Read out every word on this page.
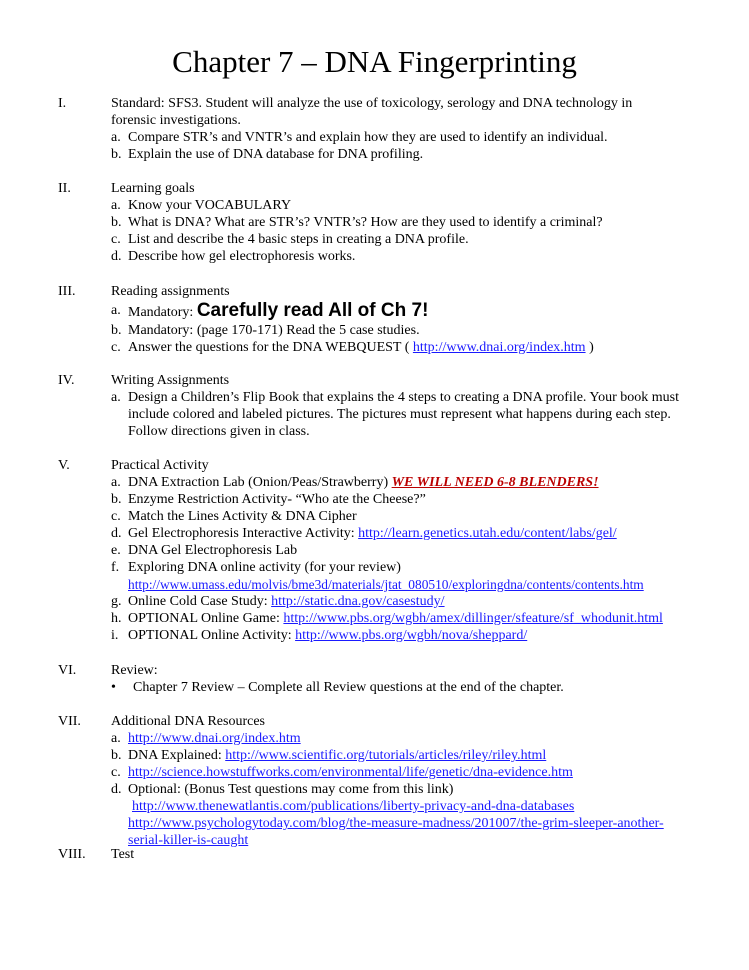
Chapter 7 – DNA Fingerprinting
I.	Standard: SFS3. Student will analyze the use of toxicology, serology and DNA technology in
forensic investigations.
a. Compare STR’s and VNTR’s and explain how they are used to identify an individual.
b. Explain the use of DNA database for DNA profiling.
II.	Learning goals
a. Know your VOCABULARY
b. What is DNA? What are STR’s? VNTR’s? How are they used to identify a criminal?
c. List and describe the 4 basic steps in creating a DNA profile.
d. Describe how gel electrophoresis works.
III.	Reading assignments
a. Mandatory: Carefully read All of Ch 7!
b. Mandatory: (page 170-171) Read the 5 case studies.
c. Answer the questions for the DNA WEBQUEST ( http://www.dnai.org/index.htm )
IV.	Writing Assignments
a. Design a Children’s Flip Book that explains the 4 steps to creating a DNA profile. Your book must include colored and labeled pictures. The pictures must represent what happens during each step. Follow directions given in class.
V.	Practical Activity
a. DNA Extraction Lab (Onion/Peas/Strawberry) WE WILL NEED 6-8 BLENDERS!
b. Enzyme Restriction Activity- “Who ate the Cheese?”
c. Match the Lines Activity & DNA Cipher
d. Gel Electrophoresis Interactive Activity: http://learn.genetics.utah.edu/content/labs/gel/
e. DNA Gel Electrophoresis Lab
f. Exploring DNA online activity (for your review)
http://www.umass.edu/molvis/bme3d/materials/jtat_080510/exploringdna/contents/contents.htm
g. Online Cold Case Study: http://static.dna.gov/casestudy/
h. OPTIONAL Online Game: http://www.pbs.org/wgbh/amex/dillinger/sfeature/sf_whodunit.html
i. OPTIONAL Online Activity: http://www.pbs.org/wgbh/nova/sheppard/
VI.	Review:
• Chapter 7 Review – Complete all Review questions at the end of the chapter.
VII.	Additional DNA Resources
a. http://www.dnai.org/index.htm
b. DNA Explained: http://www.scientific.org/tutorials/articles/riley/riley.html
c. http://science.howstuffworks.com/environmental/life/genetic/dna-evidence.htm
d. Optional: (Bonus Test questions may come from this link)
http://www.thenewatlantis.com/publications/liberty-privacy-and-dna-databases
http://www.psychologytoday.com/blog/the-measure-madness/201007/the-grim-sleeper-another-
serial-killer-is-caught
VIII.	Test
